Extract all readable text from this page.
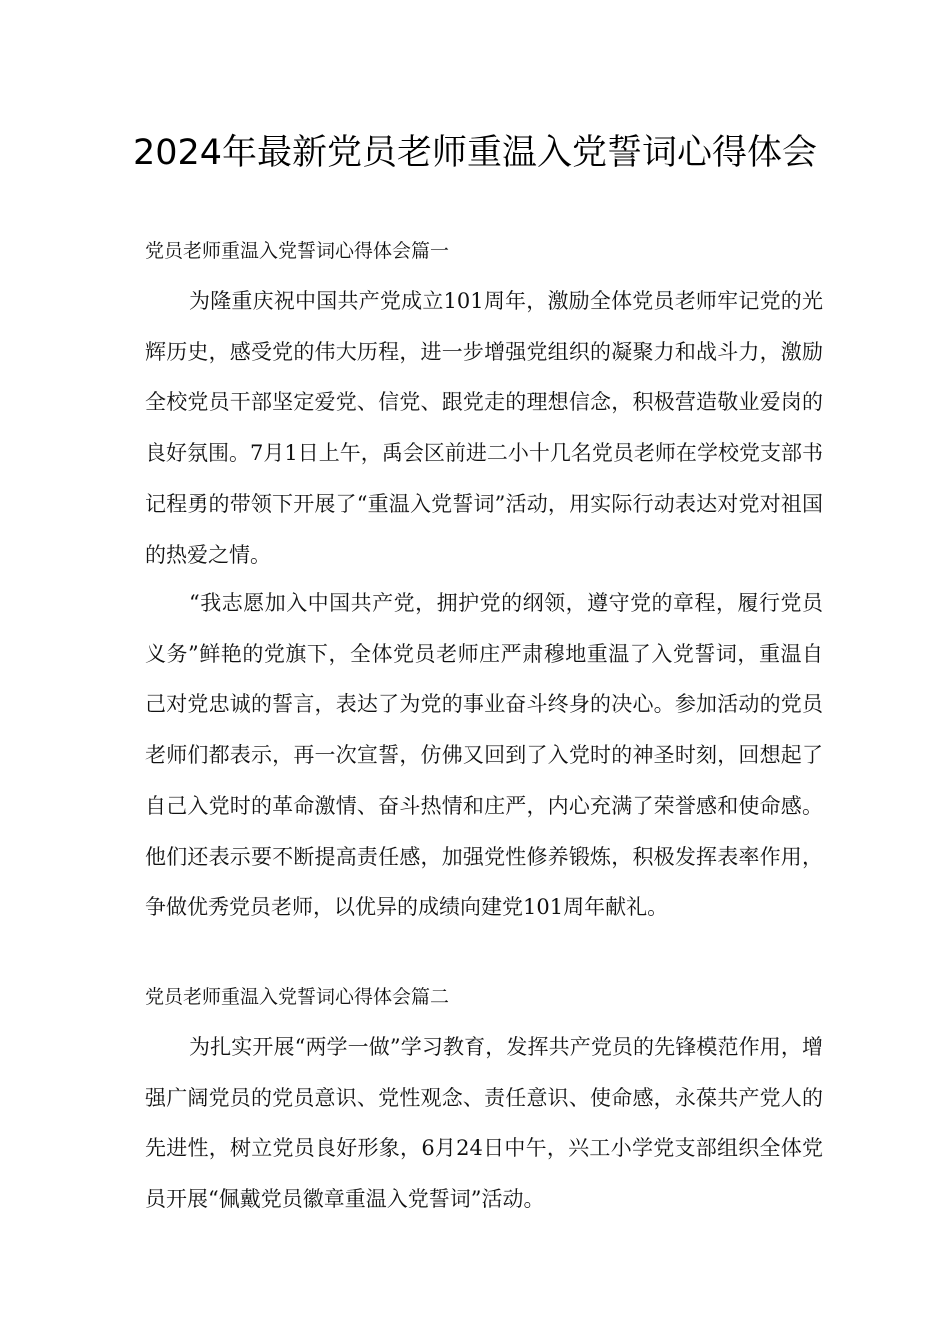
2024年最新党员老师重温入党誓词心得体会
党员老师重温入党誓词心得体会篇一

为隆重庆祝中国共产党成立101周年，激励全体党员老师牢记党的光辉历史，感受党的伟大历程，进一步增强党组织的凝聚力和战斗力，激励全校党员干部坚定爱党、信党、跟党走的理想信念，积极营造敬业爱岗的良好氛围。7月1日上午，禹会区前进二小十几名党员老师在学校党支部书记程勇的带领下开展了“重温入党誓词”活动，用实际行动表达对党对祖国的热爱之情。

“我志愿加入中国共产党，拥护党的纲领，遵守党的章程，履行党员义务”鲜艳的党旗下，全体党员老师庄严肃穆地重温了入党誓词，重温自己对党忠诚的誓言，表达了为党的事业奋斗终身的决心。参加活动的党员老师们都表示，再一次宣誓，仿佛又回到了入党时的神圣时刻，回想起了自己入党时的革命激情、奋斗热情和庄严，内心充满了荣誉感和使命感。他们还表示要不断提高责任感，加强党性修养锻炼，积极发挥表率作用，争做优秀党员老师，以优异的成绩向建党101周年献礼。

党员老师重温入党誓词心得体会篇二

为扎实开展“两学一做”学习教育，发挥共产党员的先锋模范作用，增强广阔党员的党员意识、党性观念、责任意识、使命感，永葆共产党人的先进性，树立党员良好形象，6月24日中午，兴工小学党支部组织全体党员开展“佩戴党员徽章重温入党誓词”活动。
